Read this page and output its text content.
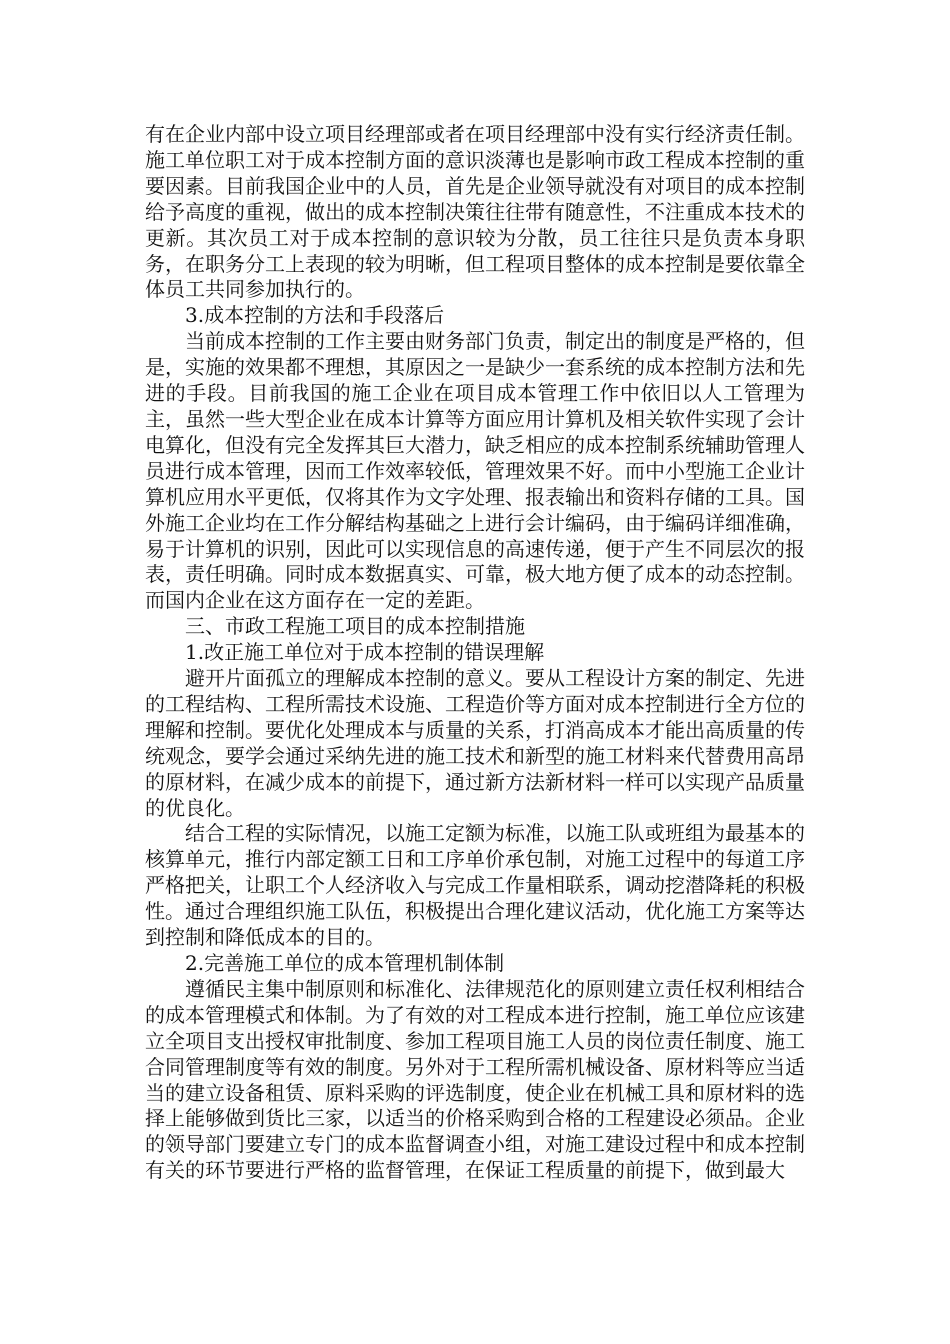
有在企业内部中设立项目经理部或者在项目经理部中没有实行经济责任制。施工单位职工对于成本控制方面的意识淡薄也是影响市政工程成本控制的重要因素。目前我国企业中的人员，首先是企业领导就没有对项目的成本控制给予高度的重视，做出的成本控制决策往往带有随意性，不注重成本技术的更新。其次员工对于成本控制的意识较为分散，员工往往只是负责本身职务，在职务分工上表现的较为明晰，但工程项目整体的成本控制是要依靠全体员工共同参加执行的。

3.成本控制的方法和手段落后

当前成本控制的工作主要由财务部门负责，制定出的制度是严格的，但是，实施的效果都不理想，其原因之一是缺少一套系统的成本控制方法和先进的手段。目前我国的施工企业在项目成本管理工作中依旧以人工管理为主，虽然一些大型企业在成本计算等方面应用计算机及相关软件实现了会计电算化，但没有完全发挥其巨大潜力，缺乏相应的成本控制系统辅助管理人员进行成本管理，因而工作效率较低，管理效果不好。而中小型施工企业计算机应用水平更低，仅将其作为文字处理、报表输出和资料存储的工具。国外施工企业均在工作分解结构基础之上进行会计编码，由于编码详细准确，易于计算机的识别，因此可以实现信息的高速传递，便于产生不同层次的报表，责任明确。同时成本数据真实、可靠，极大地方便了成本的动态控制。而国内企业在这方面存在一定的差距。

三、市政工程施工项目的成本控制措施

1.改正施工单位对于成本控制的错误理解

避开片面孤立的理解成本控制的意义。要从工程设计方案的制定、先进的工程结构、工程所需技术设施、工程造价等方面对成本控制进行全方位的理解和控制。要优化处理成本与质量的关系，打消高成本才能出高质量的传统观念，要学会通过采纳先进的施工技术和新型的施工材料来代替费用高昂的原材料，在减少成本的前提下，通过新方法新材料一样可以实现产品质量的优良化。

结合工程的实际情况，以施工定额为标准，以施工队或班组为最基本的核算单元，推行内部定额工日和工序单价承包制，对施工过程中的每道工序严格把关，让职工个人经济收入与完成工作量相联系，调动挖潜降耗的积极性。通过合理组织施工队伍，积极提出合理化建议活动，优化施工方案等达到控制和降低成本的目的。

2.完善施工单位的成本管理机制体制

遵循民主集中制原则和标准化、法律规范化的原则建立责任权利相结合的成本管理模式和体制。为了有效的对工程成本进行控制，施工单位应该建立全项目支出授权审批制度、参加工程项目施工人员的岗位责任制度、施工合同管理制度等有效的制度。另外对于工程所需机械设备、原材料等应当适当的建立设备租赁、原料采购的评选制度，使企业在机械工具和原材料的选择上能够做到货比三家，以适当的价格采购到合格的工程建设必须品。企业的领导部门要建立专门的成本监督调查小组，对施工建设过程中和成本控制有关的环节要进行严格的监督管理，在保证工程质量的前提下，做到最大
